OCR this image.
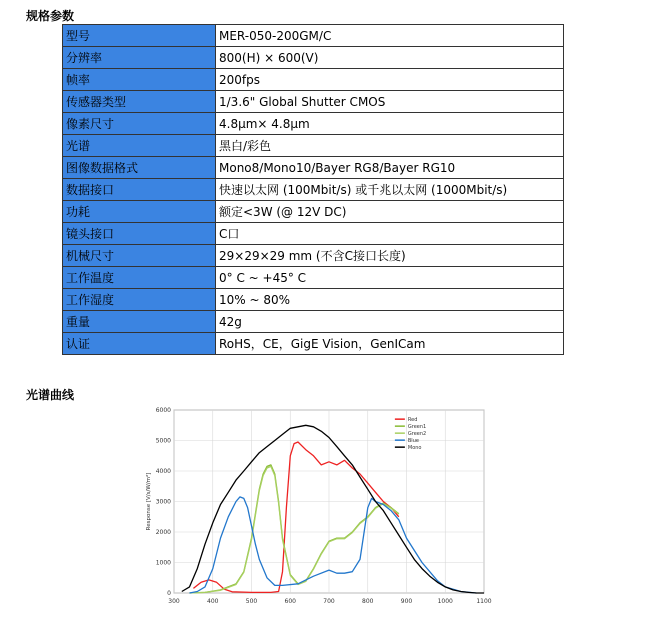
规格参数
型号	MER-050-200GM/C
分辨率	800(H) × 600(V)
帧率	200fps
传感器类型	1/3.6" Global Shutter CMOS
像素尺寸	4.8μm× 4.8μm
光谱	黑白/彩色
图像数据格式	Mono8/Mono10/Bayer RG8/Bayer RG10
数据接口	快速以太网 (100Mbit/s) 或千兆以太网 (1000Mbit/s)
功耗	额定<3W (@ 12V DC)
镜头接口	C口
机械尺寸	29×29×29 mm (不含C接口长度)
工作温度	0° C ~ +45° C
工作湿度	10% ~ 80%
重量	42g
认证	RoHS，CE，GigE Vision，GenICam
光谱曲线
300	400	500	600	700	800	900	1000	1100
0
1000
2000
3000
4000
5000
6000
Response [V/s/W/m²]
Red
Green1
Green2
Blue
Mono
